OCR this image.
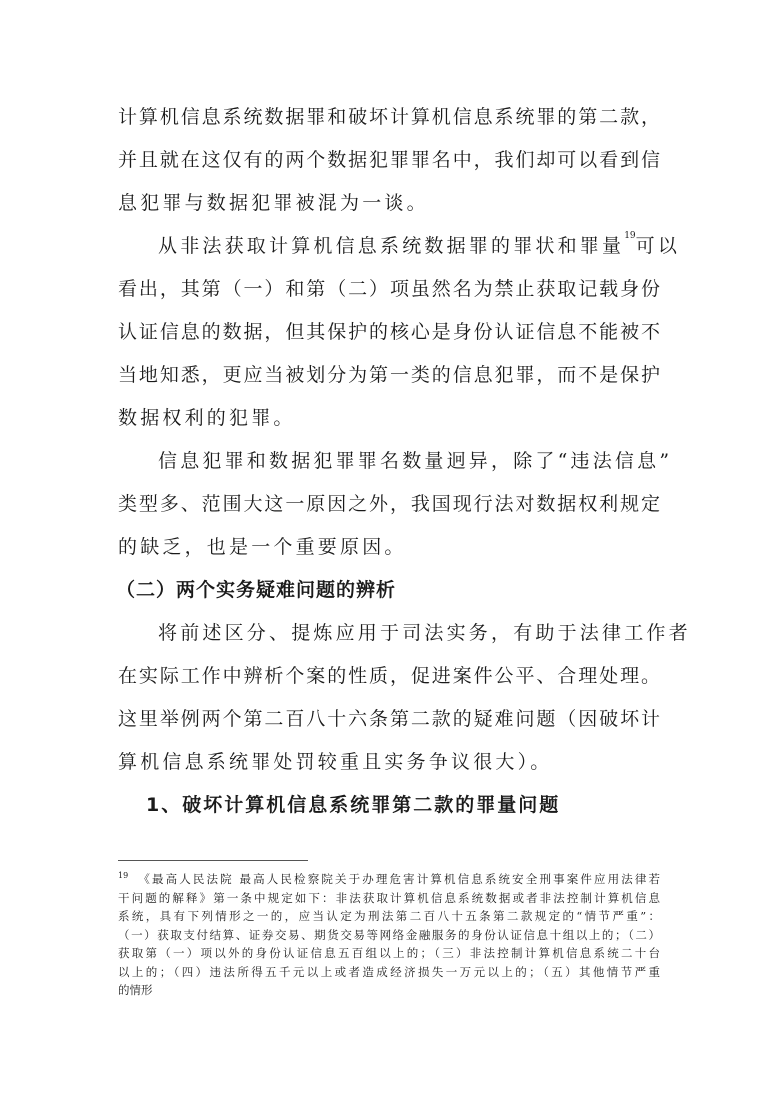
计算机信息系统数据罪和破坏计算机信息系统罪的第二款，
并且就在这仅有的两个数据犯罪罪名中，我们却可以看到信
息犯罪与数据犯罪被混为一谈。
从非法获取计算机信息系统数据罪的罪状和罪量$^{19}$可以
看出，其第（一）和第（二）项虽然名为禁止获取记载身份
认证信息的数据，但其保护的核心是身份认证信息不能被不
当地知悉，更应当被划分为第一类的信息犯罪，而不是保护
数据权利的犯罪。
信息犯罪和数据犯罪罪名数量迥异，除了“违法信息”
类型多、范围大这一原因之外，我国现行法对数据权利规定
的缺乏，也是一个重要原因。
（二）两个实务疑难问题的辨析
将前述区分、提炼应用于司法实务，有助于法律工作者
在实际工作中辨析个案的性质，促进案件公平、合理处理。
这里举例两个第二百八十六条第二款的疑难问题（因破坏计
算机信息系统罪处罚较重且实务争议很大）。
1、破坏计算机信息系统罪第二款的罪量问题
$^{19}$ 《最高人民法院 最高人民检察院关于办理危害计算机信息系统安全刑事案件应用法律若
干问题的解释》第一条中规定如下：非法获取计算机信息系统数据或者非法控制计算机信息
系统，具有下列情形之一的，应当认定为刑法第二百八十五条第二款规定的“情节严重”：
（一）获取支付结算、证券交易、期货交易等网络金融服务的身份认证信息十组以上的；（二）
获取第（一）项以外的身份认证信息五百组以上的；（三）非法控制计算机信息系统二十台
以上的；（四）违法所得五千元以上或者造成经济损失一万元以上的；（五）其他情节严重
的情形
